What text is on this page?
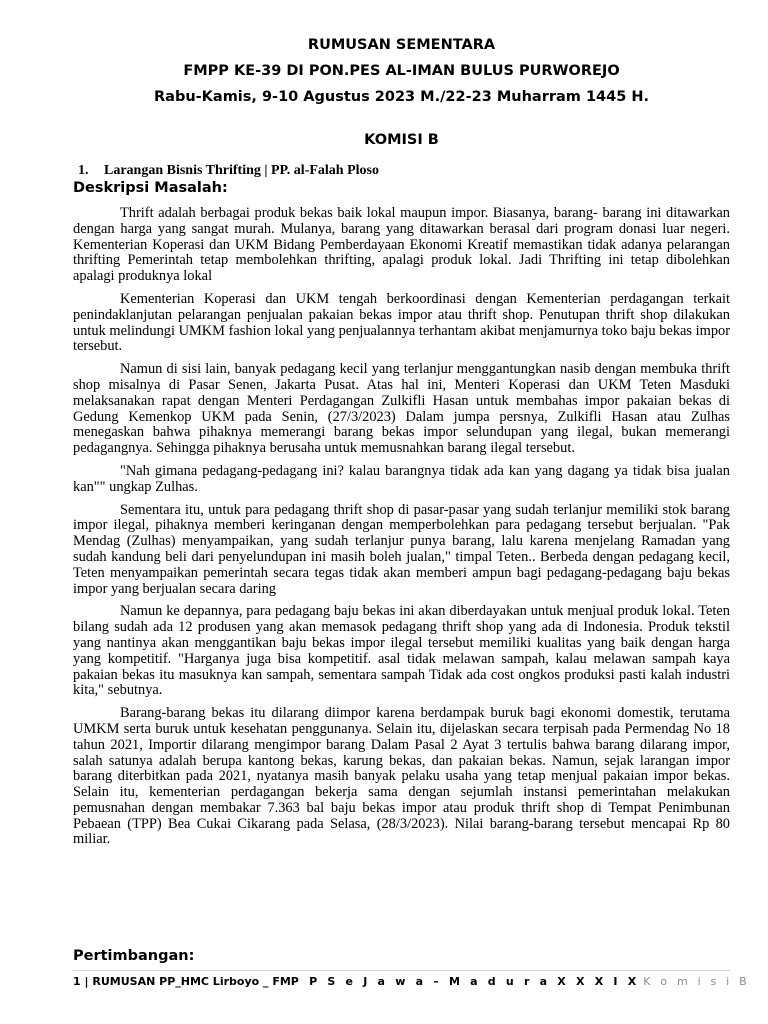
RUMUSAN SEMENTARA
FMPP KE-39 DI PON.PES AL-IMAN BULUS PURWOREJO
Rabu-Kamis, 9-10 Agustus 2023 M./22-23 Muharram 1445 H.
KOMISI B
1. Larangan Bisnis Thrifting | PP. al-Falah Ploso
Deskripsi Masalah:

Thrift adalah berbagai produk bekas baik lokal maupun impor. Biasanya, barang- barang ini ditawarkan dengan harga yang sangat murah. Mulanya, barang yang ditawarkan berasal dari program donasi luar negeri. Kementerian Koperasi dan UKM Bidang Pemberdayaan Ekonomi Kreatif memastikan tidak adanya pelarangan thrifting Pemerintah tetap membolehkan thrifting, apalagi produk lokal. Jadi Thrifting ini tetap dibolehkan apalagi produknya lokal

Kementerian Koperasi dan UKM tengah berkoordinasi dengan Kementerian perdagangan terkait penindaklanjutan pelarangan penjualan pakaian bekas impor atau thrift shop. Penutupan thrift shop dilakukan untuk melindungi UMKM fashion lokal yang penjualannya terhantam akibat menjamurnya toko baju bekas impor tersebut.

Namun di sisi lain, banyak pedagang kecil yang terlanjur menggantungkan nasib dengan membuka thrift shop misalnya di Pasar Senen, Jakarta Pusat. Atas hal ini, Menteri Koperasi dan UKM Teten Masduki melaksanakan rapat dengan Menteri Perdagangan Zulkifli Hasan untuk membahas impor pakaian bekas di Gedung Kemenkop UKM pada Senin, (27/3/2023) Dalam jumpa persnya, Zulkifli Hasan atau Zulhas menegaskan bahwa pihaknya memerangi barang bekas impor selundupan yang ilegal, bukan memerangi pedagangnya. Sehingga pihaknya berusaha untuk memusnahkan barang ilegal tersebut.

"Nah gimana pedagang-pedagang ini? kalau barangnya tidak ada kan yang dagang ya tidak bisa jualan kan"" ungkap Zulhas.

Sementara itu, untuk para pedagang thrift shop di pasar-pasar yang sudah terlanjur memiliki stok barang impor ilegal, pihaknya memberi keringanan dengan memperbolehkan para pedagang tersebut berjualan. "Pak Mendag (Zulhas) menyampaikan, yang sudah terlanjur punya barang, lalu karena menjelang Ramadan yang sudah kandung beli dari penyelundupan ini masih boleh jualan," timpal Teten.. Berbeda dengan pedagang kecil, Teten menyampaikan pemerintah secara tegas tidak akan memberi ampun bagi pedagang-pedagang baju bekas impor yang berjualan secara daring

Namun ke depannya, para pedagang baju bekas ini akan diberdayakan untuk menjual produk lokal. Teten bilang sudah ada 12 produsen yang akan memasok pedagang thrift shop yang ada di Indonesia. Produk tekstil yang nantinya akan menggantikan baju bekas impor ilegal tersebut memiliki kualitas yang baik dengan harga yang kompetitif. "Harganya juga bisa kompetitif. asal tidak melawan sampah, kalau melawan sampah kaya pakaian bekas itu masuknya kan sampah, sementara sampah Tidak ada cost ongkos produksi pasti kalah industri kita," sebutnya.

Barang-barang bekas itu dilarang diimpor karena berdampak buruk bagi ekonomi domestik, terutama UMKM serta buruk untuk kesehatan penggunanya. Selain itu, dijelaskan secara terpisah pada Permendag No 18 tahun 2021, Importir dilarang mengimpor barang Dalam Pasal 2 Ayat 3 tertulis bahwa barang dilarang impor, salah satunya adalah berupa kantong bekas, karung bekas, dan pakaian bekas. Namun, sejak larangan impor barang diterbitkan pada 2021, nyatanya masih banyak pelaku usaha yang tetap menjual pakaian impor bekas. Selain itu, kementerian perdagangan bekerja sama dengan sejumlah instansi pemerintahan melakukan pemusnahan dengan membakar 7.363 bal baju bekas impor atau produk thrift shop di Tempat Penimbunan Pebaean (TPP) Bea Cukai Cikarang pada Selasa, (28/3/2023). Nilai barang-barang tersebut mencapai Rp 80 miliar.

Pertimbangan:
1 | RUMUSAN PP_HMC Lirboyo _ FMP P S e J a w a – M a d u r a X X X I X K o m i s i B
